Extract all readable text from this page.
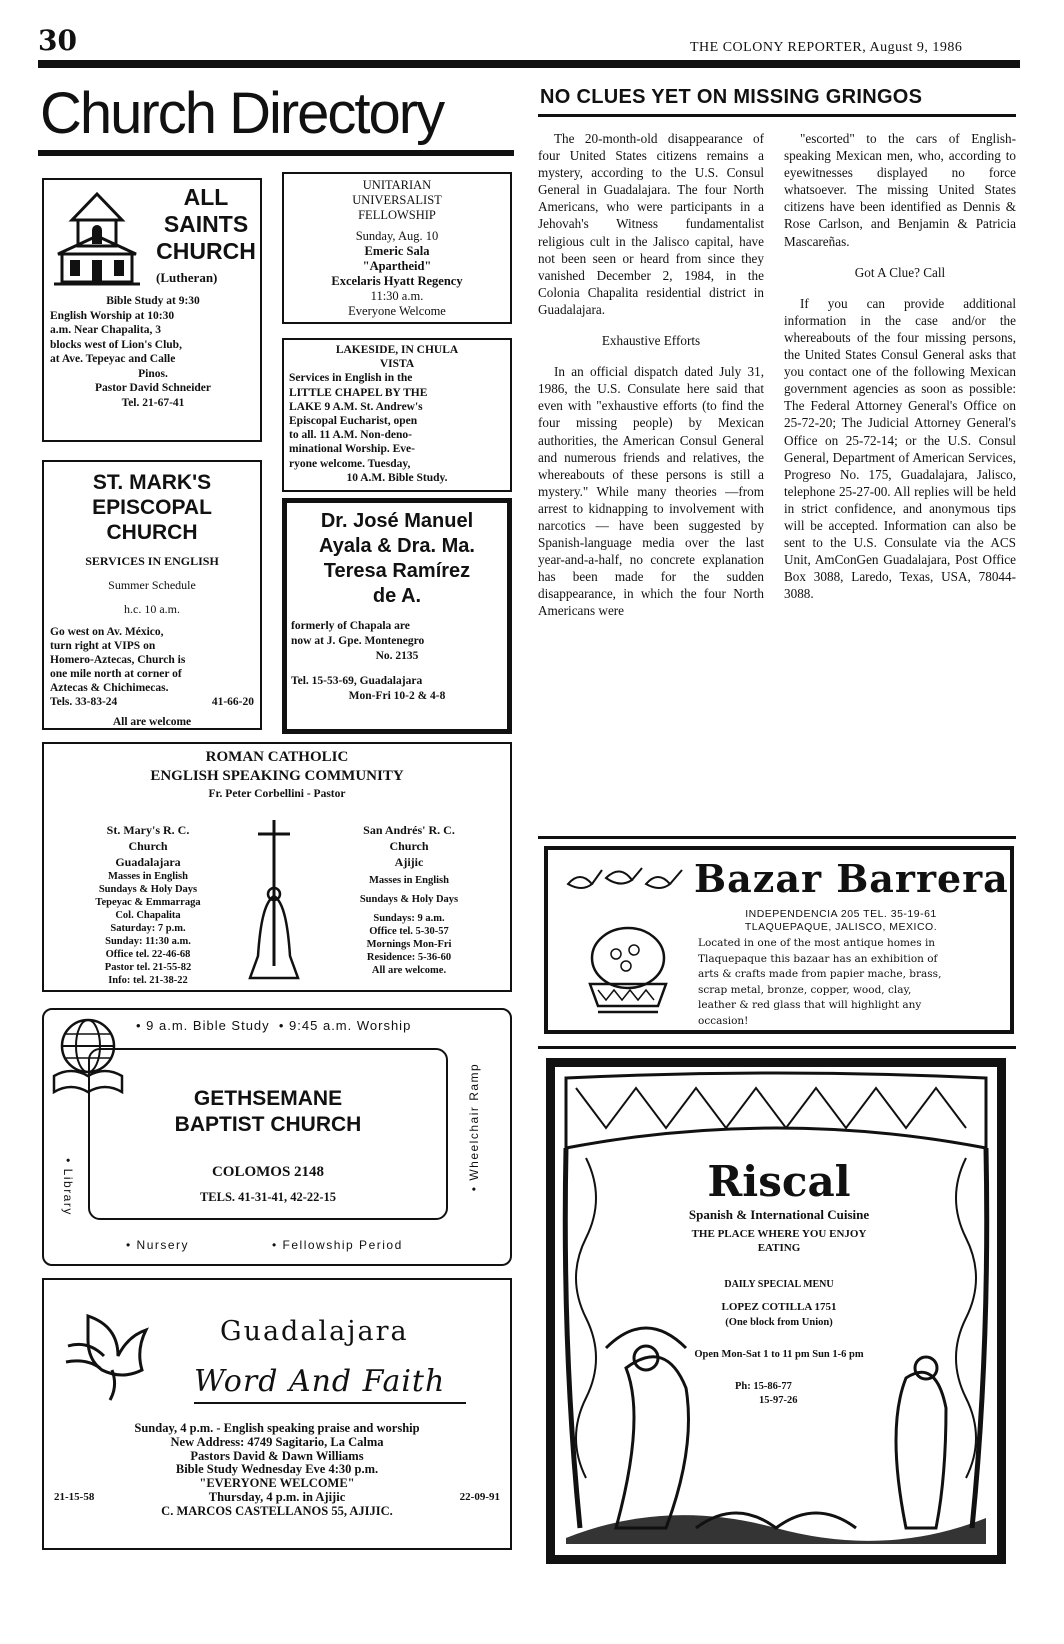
30	THE COLONY REPORTER, August 9, 1986
Church Directory
ALL
SAINTS
CHURCH
(Lutheran)
Bible Study at 9:30
English Worship at 10:30
a.m. Near Chapalita, 3
blocks west of Lion's Club,
at Ave. Tepeyac and Calle
Pinos.
Pastor David Schneider
Tel. 21-67-41
UNITARIAN
UNIVERSALIST
FELLOWSHIP
Sunday, Aug. 10
Emeric Sala
"Apartheid"
Excelaris Hyatt Regency
11:30 a.m.
Everyone Welcome
LAKESIDE, IN CHULA
VISTA
Services in English in the
LITTLE CHAPEL BY THE
LAKE 9 A.M. St. Andrew's
Episcopal Eucharist, open
to all. 11 A.M. Non-deno-
minational Worship. Eve-
ryone welcome. Tuesday,
10 A.M. Bible Study.
ST. MARK'S
EPISCOPAL
CHURCH
SERVICES IN ENGLISH
Summer Schedule
h.c. 10 a.m.
Go west on Av. México,
turn right at VIPS on
Homero-Aztecas, Church is
one mile north at corner of
Aztecas & Chichimecas.
Tels. 33-83-24	41-66-20
All are welcome
Dr. José Manuel
Ayala & Dra. Ma.
Teresa Ramírez
de A.
formerly of Chapala are
now at J. Gpe. Montenegro
No. 2135
Tel. 15-53-69, Guadalajara
Mon-Fri 10-2 & 4-8
ROMAN CATHOLIC
ENGLISH SPEAKING COMMUNITY
Fr. Peter Corbellini - Pastor
St. Mary's R. C.
Church
Guadalajara
Masses in English
Sundays & Holy Days
Tepeyac & Emmarraga
Col. Chapalita
Saturday: 7 p.m.
Sunday: 11:30 a.m.
Office tel. 22-46-68
Pastor tel. 21-55-82
Info: tel. 21-38-22
San Andrés' R. C.
Church
Ajijic
Masses in English
Sundays & Holy Days
Sundays: 9 a.m.
Office tel. 5-30-57
Mornings Mon-Fri
Residence: 5-36-60
All are welcome.
• 9 a.m. Bible Study  • 9:45 a.m. Worship
GETHSEMANE
BAPTIST CHURCH
COLOMOS 2148
TELS. 41-31-41, 42-22-15
• Library	• Wheelchair Ramp
• Nursery	• Fellowship Period
Guadalajara
Word And Faith
Sunday, 4 p.m. - English speaking praise and worship
New Address: 4749 Sagitario, La Calma
Pastors David & Dawn Williams
Bible Study Wednesday Eve 4:30 p.m.
"EVERYONE WELCOME"
21-15-58	Thursday, 4 p.m. in Ajijic	22-09-91
C. MARCOS CASTELLANOS 55, AJIJIC.
NO CLUES YET ON MISSING GRINGOS

The 20-month-old disappearance of four United States citizens remains a mystery, according to the U.S. Consul General in Guadalajara. The four North Americans, who were participants in a Jehovah's Witness fundamentalist religious cult in the Jalisco capital, have not been seen or heard from since they vanished December 2, 1984, in the Colonia Chapalita residential district in Guadalajara.

Exhaustive Efforts

In an official dispatch dated July 31, 1986, the U.S. Consulate here said that even with "exhaustive efforts (to find the four missing people) by Mexican authorities, the American Consul General and numerous friends and relatives, the whereabouts of these persons is still a mystery." While many theories —from arrest to kidnapping to involvement with narcotics — have been suggested by Spanish-language media over the last year-and-a-half, no concrete explanation has been made for the sudden disappearance, in which the four North Americans were

"escorted" to the cars of English-speaking Mexican men, who, according to eyewitnesses displayed no force whatsoever. The missing United States citizens have been identified as Dennis & Rose Carlson, and Benjamin & Patricia Mascareñas.

Got A Clue? Call

If you can provide additional information in the case and/or the whereabouts of the four missing persons, the United States Consul General asks that you contact one of the following Mexican government agencies as soon as possible: The Federal Attorney General's Office on 25-72-20; The Judicial Attorney General's Office on 25-72-14; or the U.S. Consul General, Department of American Services, Progreso No. 175, Guadalajara, Jalisco, telephone 25-27-00. All replies will be held in strict confidence, and anonymous tips will be accepted. Information can also be sent to the U.S. Consulate via the ACS Unit, AmConGen Guadalajara, Post Office Box 3088, Laredo, Texas, USA, 78044-3088.

Bazar Barrera
INDEPENDENCIA 205 TEL. 35-19-61
TLAQUEPAQUE, JALISCO, MEXICO.
Located in one of the most antique homes in
Tlaquepaque this bazaar has an exhibition of
arts & crafts made from papier mache, brass,
scrap metal, bronze, copper, wood, clay,
leather & red glass that will highlight any
occasion!
Riscal
Spanish & International Cuisine
THE PLACE WHERE YOU ENJOY
EATING
DAILY SPECIAL MENU
LOPEZ COTILLA 1751
(One block from Union)
Open Mon-Sat 1 to 11 pm Sun 1-6 pm
Ph: 15-86-77
15-97-26
